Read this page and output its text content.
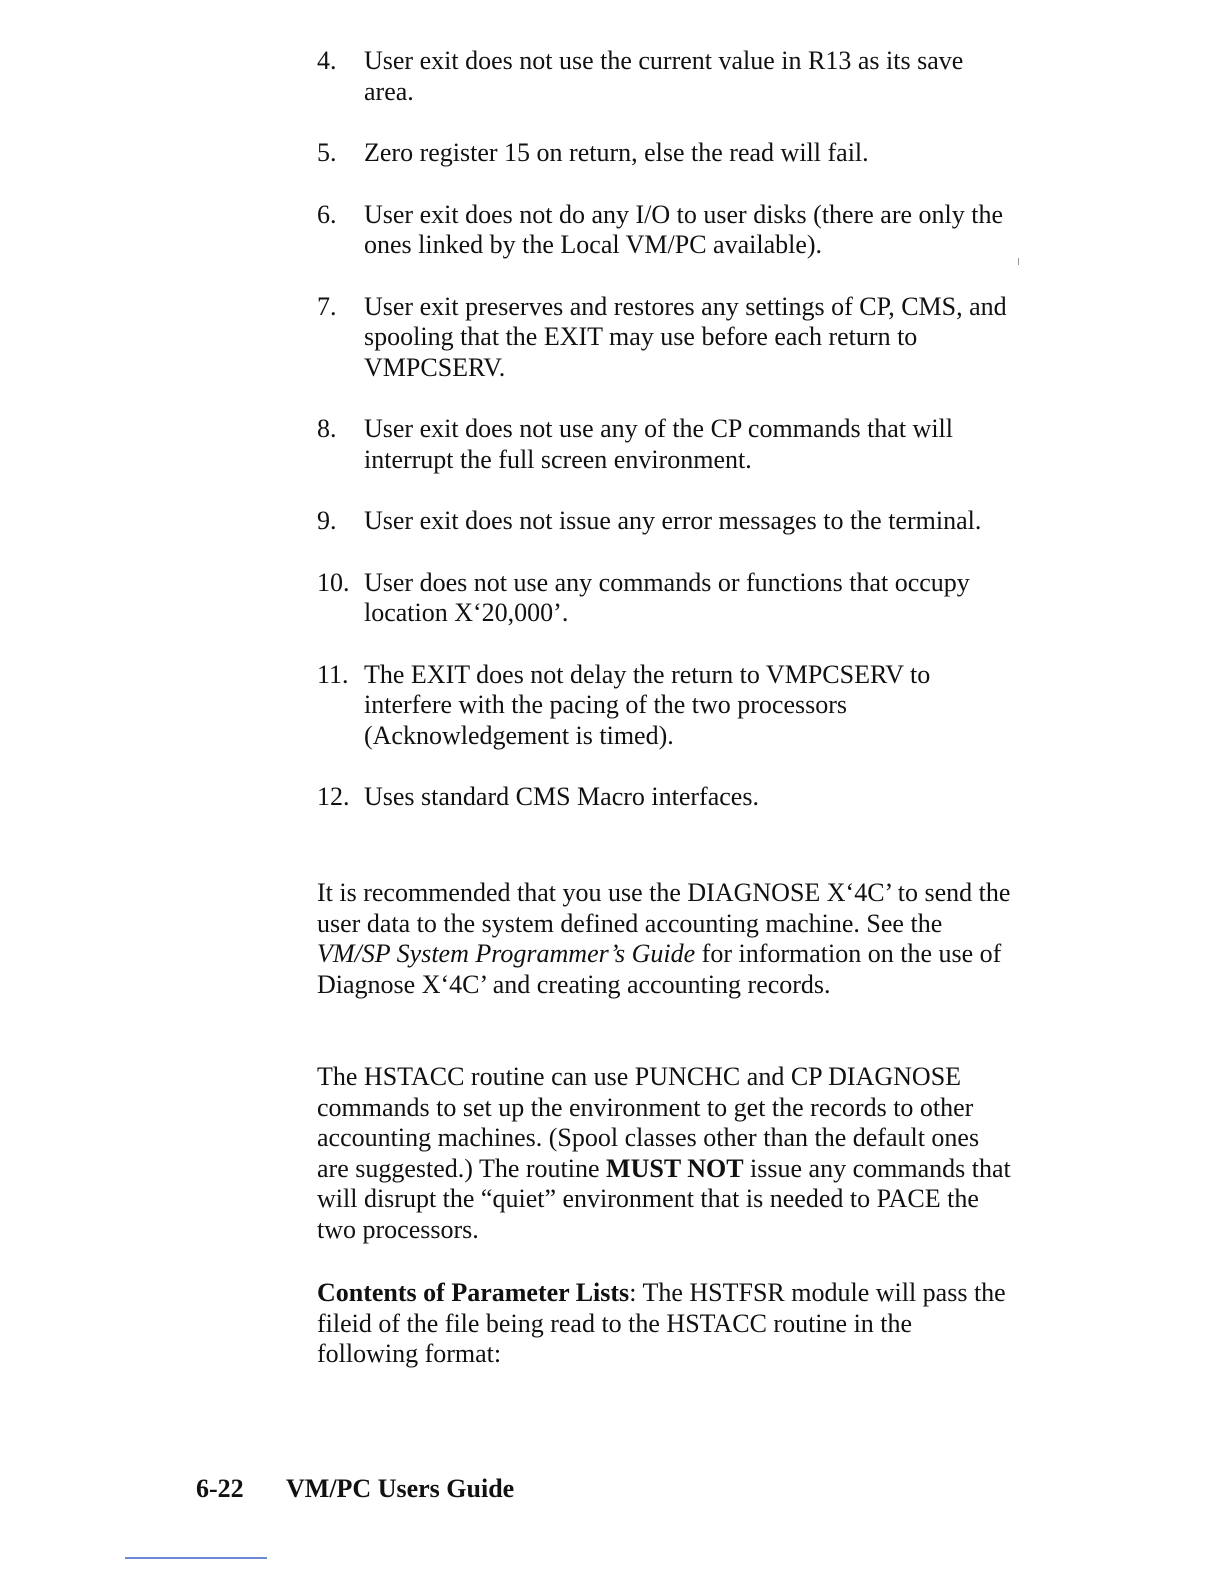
4.	User exit does not use the current value in R13 as its save area.
5.	Zero register 15 on return, else the read will fail.
6.	User exit does not do any I/O to user disks (there are only the ones linked by the Local VM/PC available).
7.	User exit preserves and restores any settings of CP, CMS, and spooling that the EXIT may use before each return to VMPCSERV.
8.	User exit does not use any of the CP commands that will interrupt the full screen environment.
9.	User exit does not issue any error messages to the terminal.
10. User does not use any commands or functions that occupy location X‘20,000’.
11. The EXIT does not delay the return to VMPCSERV to interfere with the pacing of the two processors (Acknowledgement is timed).
12. Uses standard CMS Macro interfaces.

It is recommended that you use the DIAGNOSE X‘4C’ to send the user data to the system defined accounting machine. See the VM/SP System Programmer’s Guide for information on the use of Diagnose X‘4C’ and creating accounting records.

The HSTACC routine can use PUNCHC and CP DIAGNOSE commands to set up the environment to get the records to other accounting machines. (Spool classes other than the default ones are suggested.) The routine MUST NOT issue any commands that will disrupt the “quiet” environment that is needed to PACE the two processors.

Contents of Parameter Lists: The HSTFSR module will pass the fileid of the file being read to the HSTACC routine in the following format:

6-22 VM/PC Users Guide
